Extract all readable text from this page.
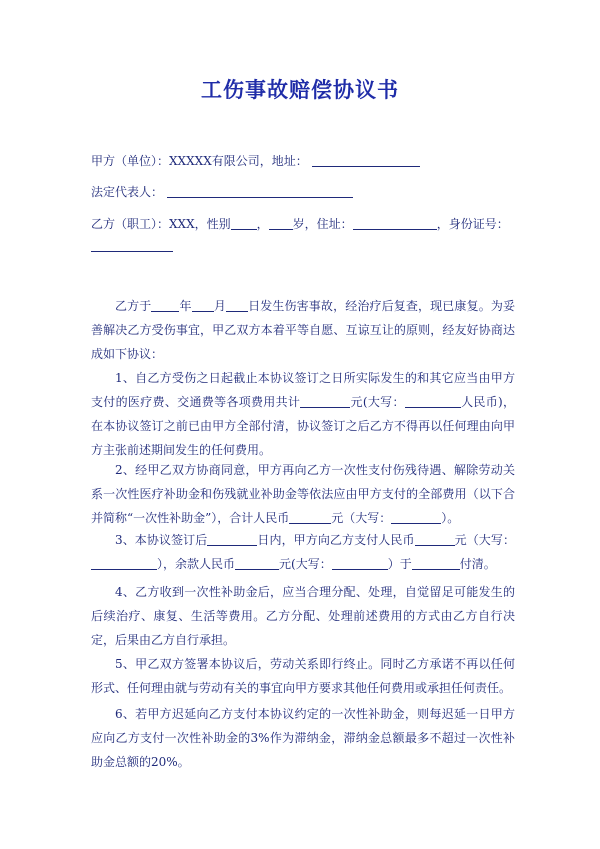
工伤事故赔偿协议书
甲方（单位）：XXXXX有限公司，地址：
法定代表人：
乙方（职工）：XXX，性别 ， 岁，住址：	，身份证号：
乙方于 年 月 日发生伤害事故，经治疗后复查，现已康复。为妥善解决乙方受伤事宜，甲乙双方本着平等自愿、互谅互让的原则，经友好协商达成如下协议：
1、自乙方受伤之日起截止本协议签订之日所实际发生的和其它应当由甲方支付的医疗费、交通费等各项费用共计	元(大写：	人民币)，在本协议签订之前已由甲方全部付清，协议签订之后乙方不得再以任何理由向甲方主张前述期间发生的任何费用。
2、经甲乙双方协商同意，甲方再向乙方一次性支付伤残待遇、解除劳动关系一次性医疗补助金和伤残就业补助金等依法应由甲方支付的全部费用（以下合并简称“一次性补助金”），合计人民币	元（大写：	）。
3、本协议签订后	日内，甲方向乙方支付人民币	元（大写：），余款人民币	元(大写：	）于	付清。
4、乙方收到一次性补助金后，应当合理分配、处理，自觉留足可能发生的后续治疗、康复、生活等费用。乙方分配、处理前述费用的方式由乙方自行决定，后果由乙方自行承担。
5、甲乙双方签署本协议后，劳动关系即行终止。同时乙方承诺不再以任何形式、任何理由就与劳动有关的事宜向甲方要求其他任何费用或承担任何责任。
6、若甲方迟延向乙方支付本协议约定的一次性补助金，则每迟延一日甲方应向乙方支付一次性补助金的3%作为滞纳金，滞纳金总额最多不超过一次性补助金总额的20%。
